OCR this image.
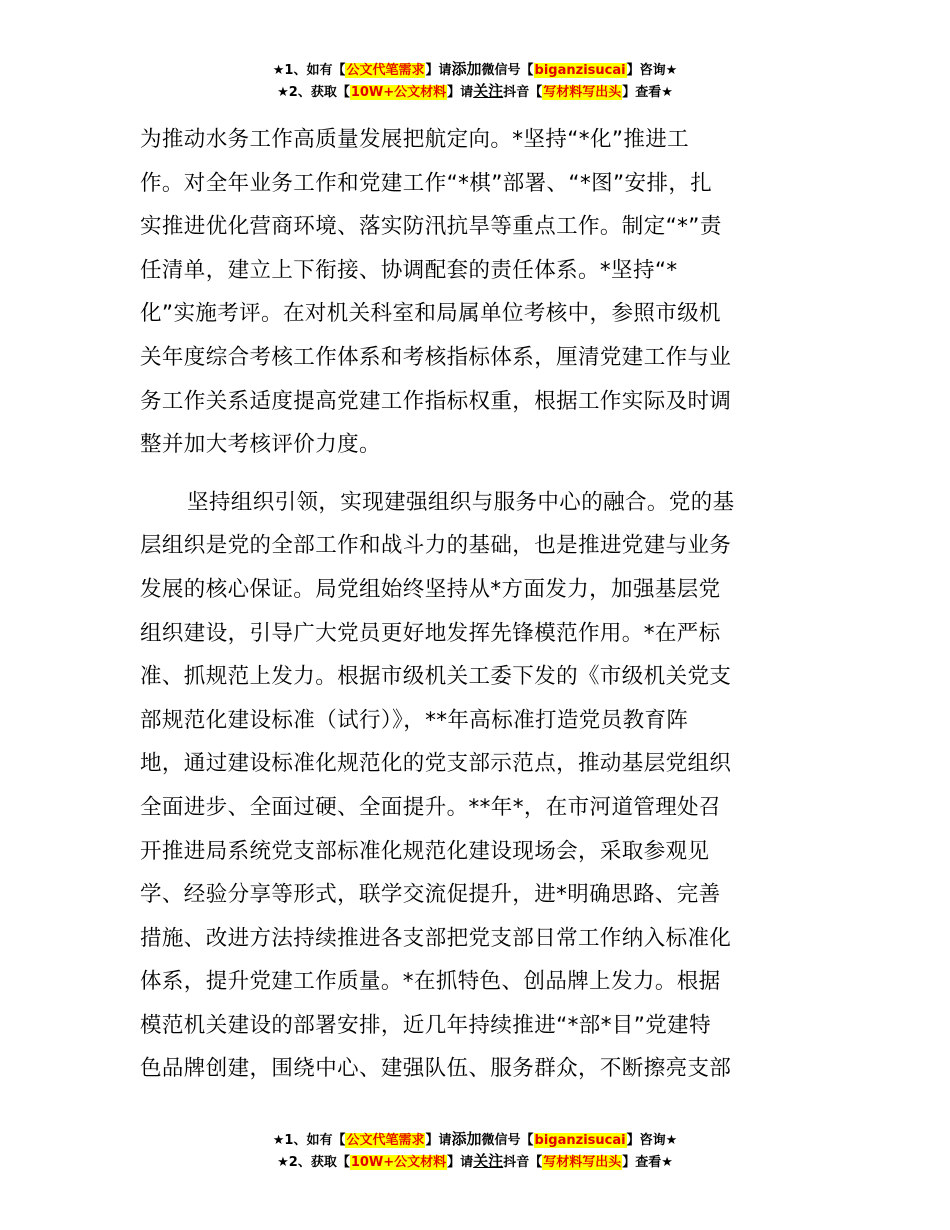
★1、如有【公文代笔需求】请添加微信号【biganzisucai】咨询★
★2、获取【10W+公文材料】请关注抖音【写材料写出头】查看★

为推动水务工作高质量发展把航定向。*坚持“*化”推进工
作。对全年业务工作和党建工作“*棋”部署、“*图”安排，扎
实推进优化营商环境、落实防汛抗旱等重点工作。制定“*”责
任清单，建立上下衔接、协调配套的责任体系。*坚持“*
化”实施考评。在对机关科室和局属单位考核中，参照市级机
关年度综合考核工作体系和考核指标体系，厘清党建工作与业
务工作关系适度提高党建工作指标权重，根据工作实际及时调
整并加大考核评价力度。

坚持组织引领，实现建强组织与服务中心的融合。党的基
层组织是党的全部工作和战斗力的基础，也是推进党建与业务
发展的核心保证。局党组始终坚持从*方面发力，加强基层党
组织建设，引导广大党员更好地发挥先锋模范作用。*在严标
准、抓规范上发力。根据市级机关工委下发的《市级机关党支
部规范化建设标准（试行）》，**年高标准打造党员教育阵
地，通过建设标准化规范化的党支部示范点，推动基层党组织
全面进步、全面过硬、全面提升。**年*，在市河道管理处召
开推进局系统党支部标准化规范化建设现场会，采取参观见
学、经验分享等形式，联学交流促提升，进*明确思路、完善
措施、改进方法持续推进各支部把党支部日常工作纳入标准化
体系，提升党建工作质量。*在抓特色、创品牌上发力。根据
模范机关建设的部署安排，近几年持续推进“*部*目”党建特
色品牌创建，围绕中心、建强队伍、服务群众，不断擦亮支部

★1、如有【公文代笔需求】请添加微信号【biganzisucai】咨询★
★2、获取【10W+公文材料】请关注抖音【写材料写出头】查看★
